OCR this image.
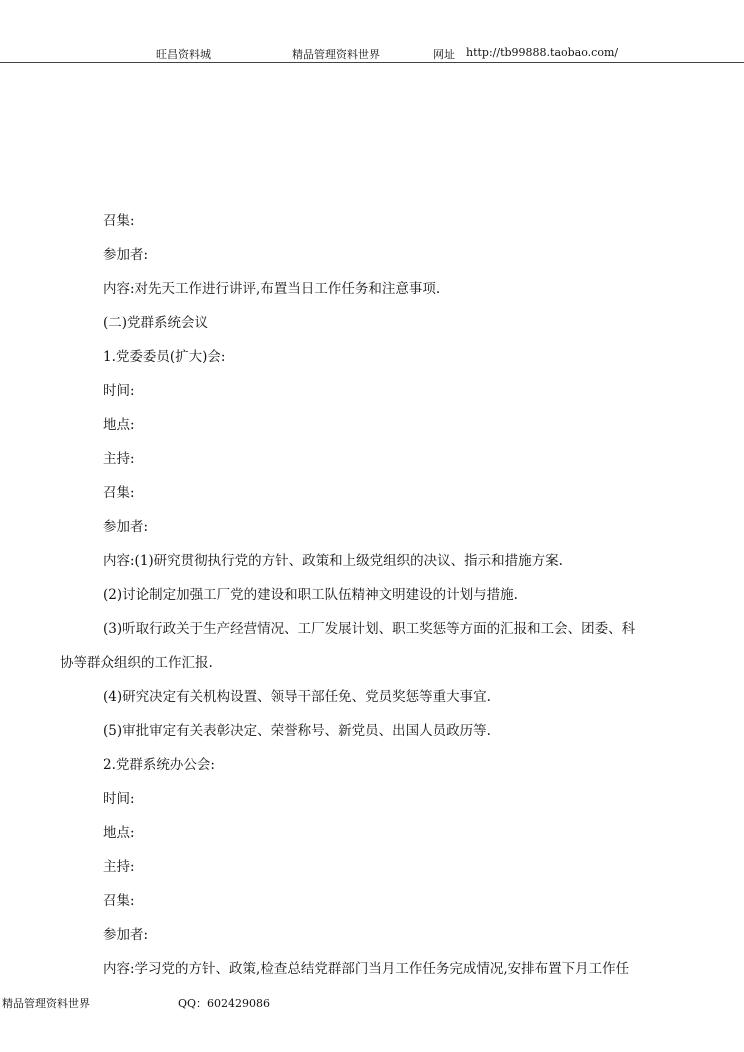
旺昌资料城	精品管理资料世界	网址 http://tb99888.taobao.com/
召集:
参加者:
内容:对先天工作进行讲评,布置当日工作任务和注意事项.
(二)党群系统会议
1.党委委员(扩大)会:
时间:
地点:
主持:
召集:
参加者:
内容:(1)研究贯彻执行党的方针、政策和上级党组织的决议、指示和措施方案.
(2)讨论制定加强工厂党的建设和职工队伍精神文明建设的计划与措施.
(3)听取行政关于生产经营情况、工厂发展计划、职工奖惩等方面的汇报和工会、团委、科
协等群众组织的工作汇报.
(4)研究决定有关机构设置、领导干部任免、党员奖惩等重大事宜.
(5)审批审定有关表彰决定、荣誉称号、新党员、出国人员政历等.
2.党群系统办公会:
时间:
地点:
主持:
召集:
参加者:
内容:学习党的方针、政策,检查总结党群部门当月工作任务完成情况,安排布置下月工作任
精品管理资料世界	QQ：602429086
